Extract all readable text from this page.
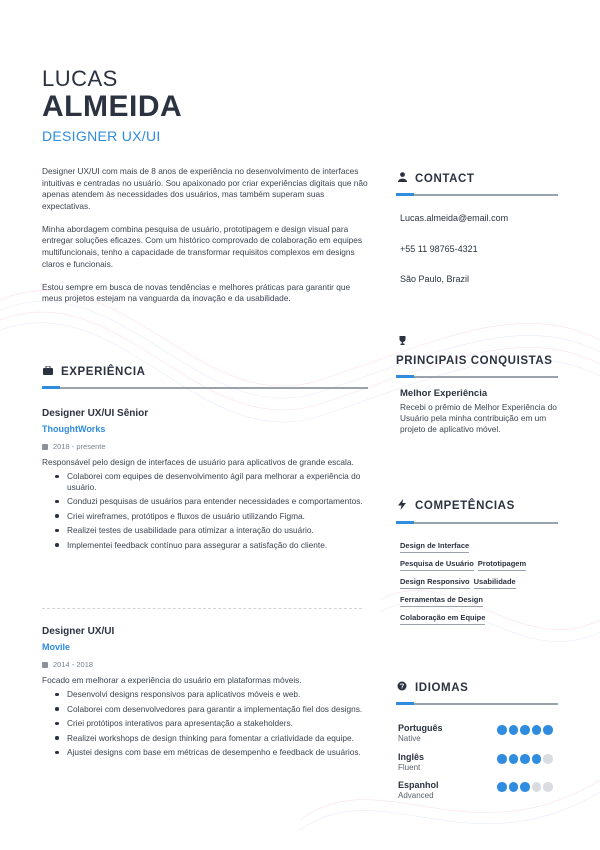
LUCAS
ALMEIDA
DESIGNER UX/UI

Designer UX/UI com mais de 8 anos de experiência no desenvolvimento de interfaces intuitivas e centradas no usuário. Sou apaixonado por criar experiências digitais que não apenas atendem às necessidades dos usuários, mas também superam suas expectativas.

Minha abordagem combina pesquisa de usuário, prototipagem e design visual para entregar soluções eficazes. Com um histórico comprovado de colaboração em equipes multifuncionais, tenho a capacidade de transformar requisitos complexos em designs claros e funcionais.

Estou sempre em busca de novas tendências e melhores práticas para garantir que meus projetos estejam na vanguarda da inovação e da usabilidade.

EXPERIÊNCIA
Designer UX/UI Sênior
ThoughtWorks
2018 - presente
Responsável pelo design de interfaces de usuário para aplicativos de grande escala.
Colaborei com equipes de desenvolvimento ágil para melhorar a experiência do usuário.
Conduzi pesquisas de usuários para entender necessidades e comportamentos.
Criei wireframes, protótipos e fluxos de usuário utilizando Figma.
Realizei testes de usabilidade para otimizar a interação do usuário.
Implementei feedback contínuo para assegurar a satisfação do cliente.
Designer UX/UI
Movile
2014 - 2018
Focado em melhorar a experiência do usuário em plataformas móveis.
Desenvolvi designs responsivos para aplicativos móveis e web.
Colaborei com desenvolvedores para garantir a implementação fiel dos designs.
Criei protótipos interativos para apresentação a stakeholders.
Realizei workshops de design thinking para fomentar a criatividade da equipe.
Ajustei designs com base em métricas de desempenho e feedback de usuários.
CONTACT
Lucas.almeida@email.com
+55 11 98765-4321
São Paulo, Brazil
PRINCIPAIS CONQUISTAS
Melhor Experiência
Recebi o prêmio de Melhor Experiência do Usuário pela minha contribuição em um projeto de aplicativo móvel.
COMPETÊNCIAS
Design de Interface
Pesquisa de Usuário Prototipagem
Design Responsivo Usabilidade
Ferramentas de Design
Colaboração em Equipe
IDIOMAS
Português
Native
Inglês
Fluent
Espanhol
Advanced
